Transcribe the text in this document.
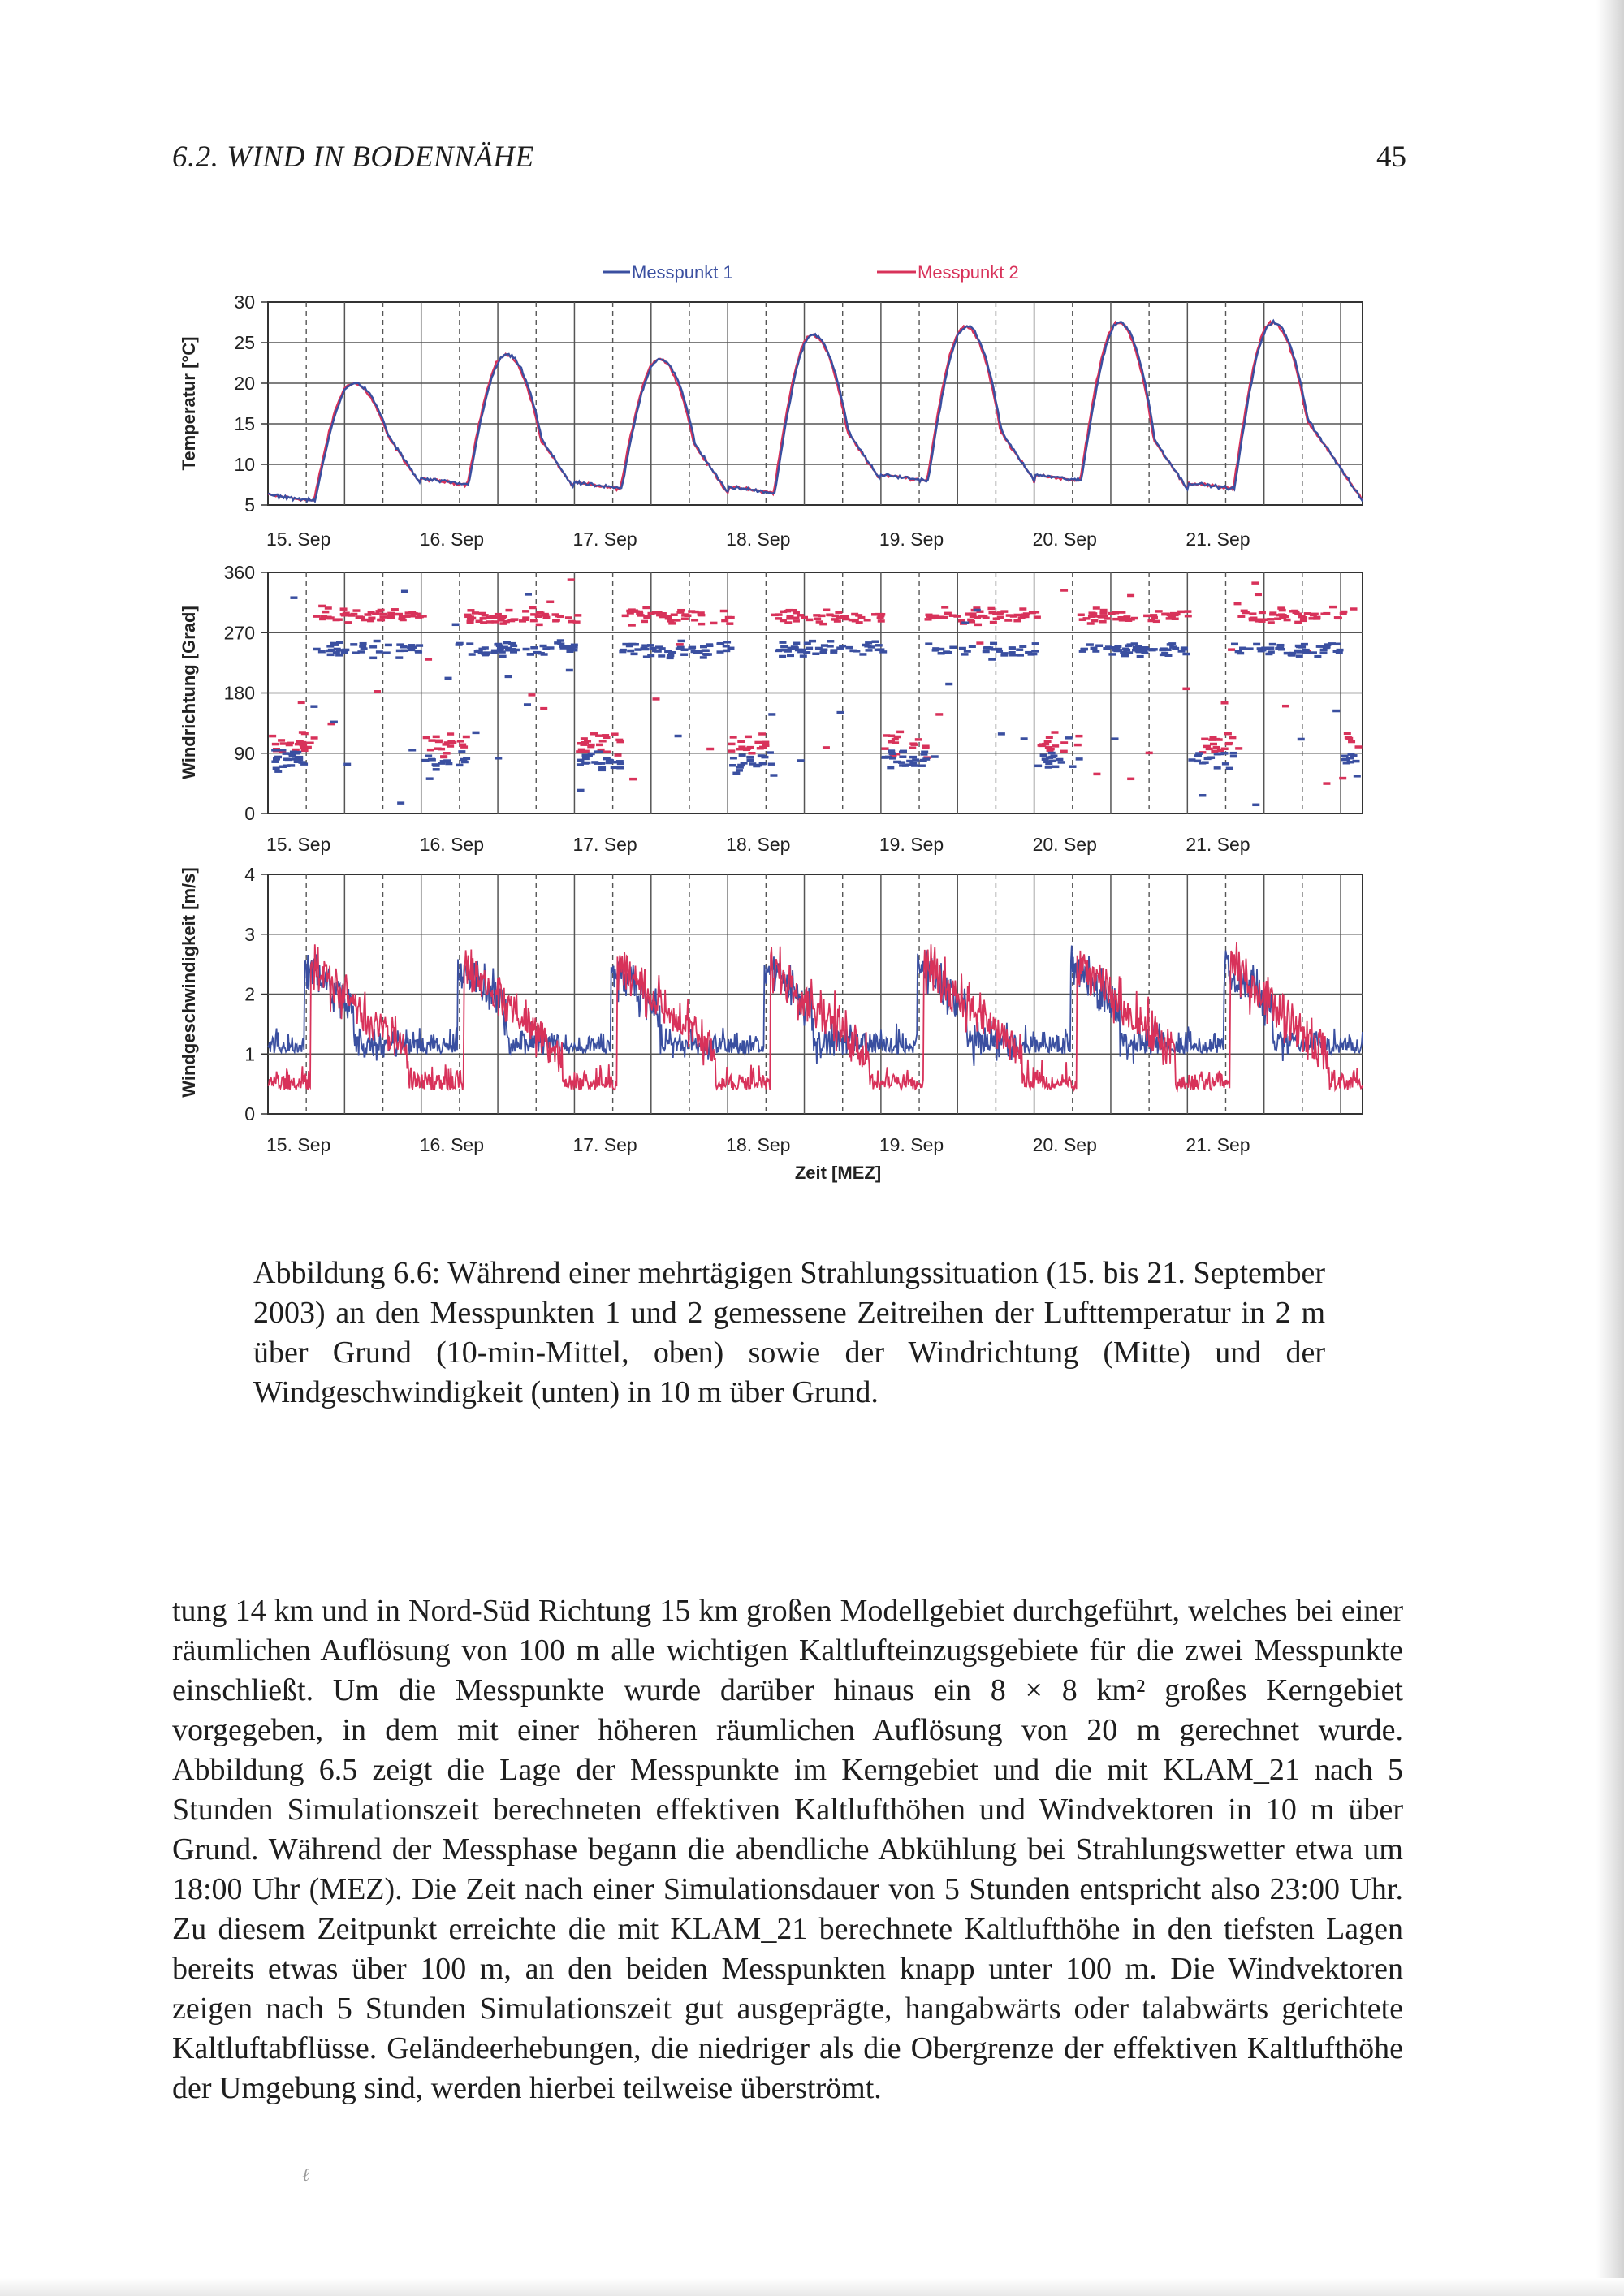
6.2. WIND IN BODENNÄHE	45
Messpunkt 1	Messpunkt 2
5
10
15
20
25
30
15. Sep	16. Sep	17. Sep	18. Sep	19. Sep	20. Sep	21. Sep
Temperatur [°C]
0
90
180
270
360
15. Sep	16. Sep	17. Sep	18. Sep	19. Sep	20. Sep	21. Sep
Windrichtung [Grad]
0
1
2
3
4
15. Sep	16. Sep	17. Sep	18. Sep	19. Sep	20. Sep	21. Sep
Windgeschwindigkeit [m/s]
Zeit [MEZ]
Abbildung 6.6: Während einer mehrtägigen Strahlungssituation (15. bis 21. September 2003) an den Messpunkten 1 und 2 gemessene Zeitreihen der Lufttemperatur in 2 m über Grund (10-min-Mittel, oben) sowie der Windrichtung (Mitte) und der Windgeschwindigkeit (unten) in 10 m über Grund.

tung 14 km und in Nord-Süd Richtung 15 km großen Modellgebiet durchgeführt, welches bei einer räumlichen Auflösung von 100 m alle wichtigen Kaltlufteinzugsgebiete für die zwei Messpunkte einschließt. Um die Messpunkte wurde darüber hinaus ein 8 × 8 km² großes Kerngebiet vorgegeben, in dem mit einer höheren räumlichen Auflösung von 20 m gerechnet wurde. Abbildung 6.5 zeigt die Lage der Messpunkte im Kerngebiet und die mit KLAM_21 nach 5 Stunden Simulationszeit berechneten effektiven Kaltlufthöhen und Windvektoren in 10 m über Grund. Während der Messphase begann die abendliche Abkühlung bei Strahlungswetter etwa um 18:00 Uhr (MEZ). Die Zeit nach einer Simulationsdauer von 5 Stunden entspricht also 23:00 Uhr. Zu diesem Zeitpunkt erreichte die mit KLAM_21 berechnete Kaltlufthöhe in den tiefsten Lagen bereits etwas über 100 m, an den beiden Messpunkten knapp unter 100 m. Die Windvektoren zeigen nach 5 Stunden Simulationszeit gut ausgeprägte, hangabwärts oder talabwärts gerichtete Kaltluftabflüsse. Geländeerhebungen, die niedriger als die Obergrenze der effektiven Kaltlufthöhe der Umgebung sind, werden hierbei teilweise überströmt.

ℓ
